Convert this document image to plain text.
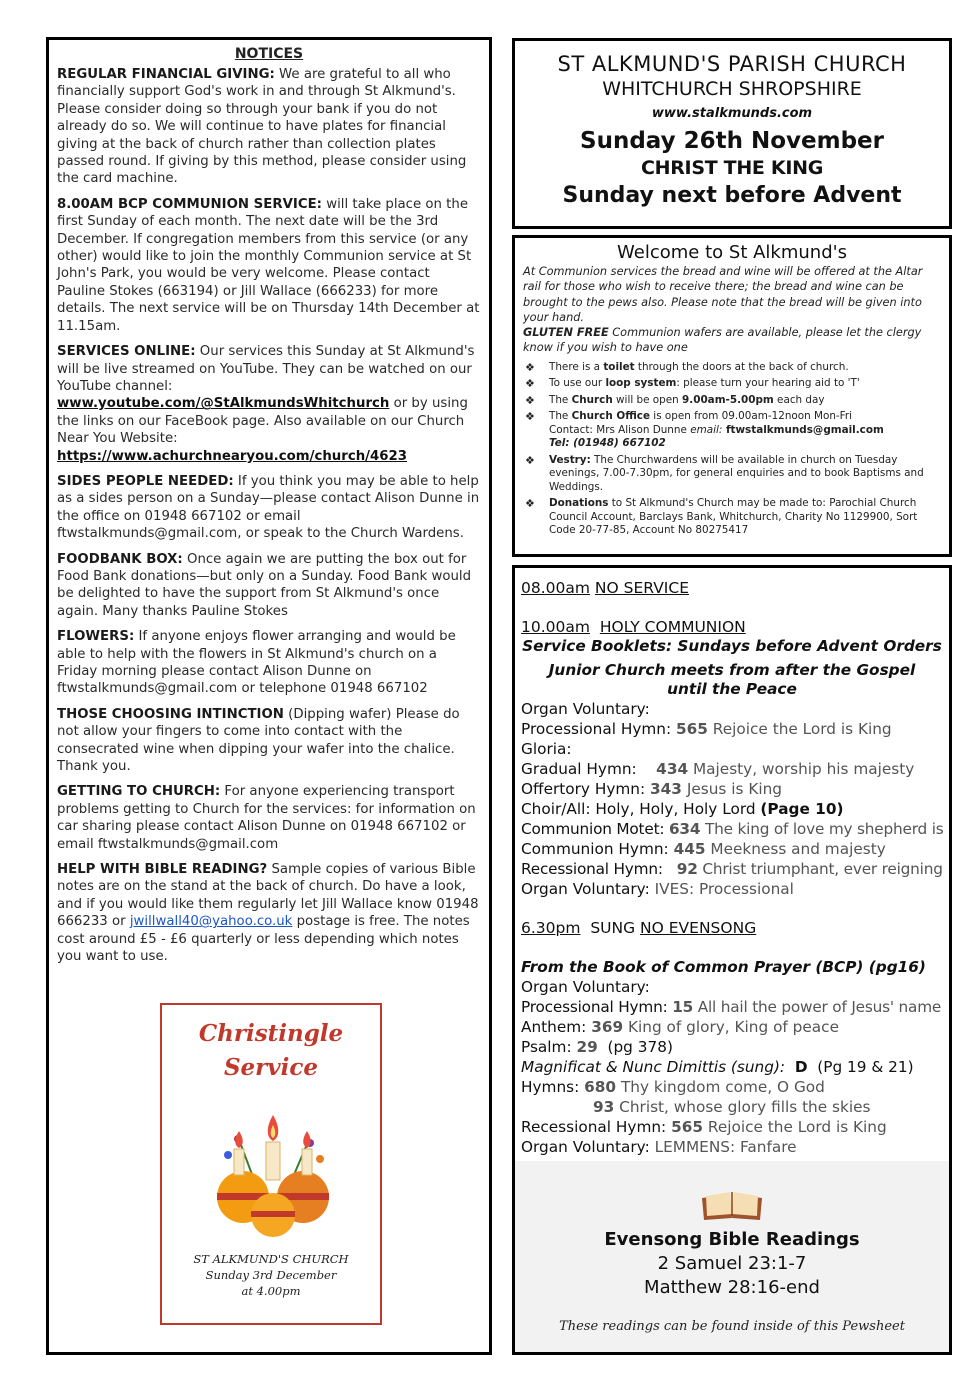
NOTICES
REGULAR FINANCIAL GIVING: We are grateful to all who financially support God's work in and through St Alkmund's. Please consider doing so through your bank if you do not already do so. We will continue to have plates for financial giving at the back of church rather than collection plates passed round. If giving by this method, please consider using the card machine.
8.00AM BCP COMMUNION SERVICE: will take place on the first Sunday of each month. The next date will be the 3rd December. If congregation members from this service (or any other) would like to join the monthly Communion service at St John's Park, you would be very welcome. Please contact Pauline Stokes (663194) or Jill Wallace (666233) for more details. The next service will be on Thursday 14th December at 11.15am.
SERVICES ONLINE: Our services this Sunday at St Alkmund's will be live streamed on YouTube. They can be watched on our YouTube channel: www.youtube.com/@StAlkmundsWhitchurch or by using the links on our FaceBook page. Also available on our Church Near You Website: https://www.achurchnearyou.com/church/4623
SIDES PEOPLE NEEDED: If you think you may be able to help as a sides person on a Sunday—please contact Alison Dunne in the office on 01948 667102 or email ftwstalkmunds@gmail.com, or speak to the Church Wardens.
FOODBANK BOX: Once again we are putting the box out for Food Bank donations—but only on a Sunday. Food Bank would be delighted to have the support from St Alkmund's once again. Many thanks Pauline Stokes
FLOWERS: If anyone enjoys flower arranging and would be able to help with the flowers in St Alkmund's church on a Friday morning please contact Alison Dunne on ftwstalkmunds@gmail.com or telephone 01948 667102
THOSE CHOOSING INTINCTION (Dipping wafer) Please do not allow your fingers to come into contact with the consecrated wine when dipping your wafer into the chalice. Thank you.
GETTING TO CHURCH: For anyone experiencing transport problems getting to Church for the services: for information on car sharing please contact Alison Dunne on 01948 667102 or email ftwstalkmunds@gmail.com
HELP WITH BIBLE READING? Sample copies of various Bible notes are on the stand at the back of church. Do have a look, and if you would like them regularly let Jill Wallace know 01948 666233 or jwillwall40@yahoo.co.uk postage is free. The notes cost around £5 - £6 quarterly or less depending which notes you want to use.
Christingle
Service
ST ALKMUND'S CHURCH
Sunday 3rd December
at 4.00pm
ST ALKMUND'S PARISH CHURCH
WHITCHURCH SHROPSHIRE
www.stalkmunds.com
Sunday 26th November
CHRIST THE KING
Sunday next before Advent
Welcome to St Alkmund's
At Communion services the bread and wine will be offered at the Altar rail for those who wish to receive there; the bread and wine can be brought to the pews also. Please note that the bread will be given into your hand.
GLUTEN FREE Communion wafers are available, please let the clergy know if you wish to have one
❖ There is a toilet through the doors at the back of church.
❖ To use our loop system: please turn your hearing aid to 'T'
❖ The Church will be open 9.00am-5.00pm each day
❖ The Church Office is open from 09.00am-12noon Mon-Fri
Contact: Mrs Alison Dunne email: ftwstalkmunds@gmail.com
Tel: (01948) 667102
❖ Vestry: The Churchwardens will be available in church on Tuesday evenings, 7.00-7.30pm, for general enquiries and to book Baptisms and Weddings.
❖ Donations to St Alkmund's Church may be made to: Parochial Church Council Account, Barclays Bank, Whitchurch, Charity No 1129900, Sort Code 20-77-85, Account No 80275417
08.00am NO SERVICE
10.00am HOLY COMMUNION
Service Booklets: Sundays before Advent Orders
Junior Church meets from after the Gospel
until the Peace
Organ Voluntary:
Processional Hymn: 565 Rejoice the Lord is King
Gloria:
Gradual Hymn:    434 Majesty, worship his majesty
Offertory Hymn: 343 Jesus is King
Choir/All: Holy, Holy, Holy Lord (Page 10)
Communion Motet: 634 The king of love my shepherd is
Communion Hymn: 445 Meekness and majesty
Recessional Hymn:   92 Christ triumphant, ever reigning
Organ Voluntary: IVES: Processional
6.30pm SUNG NO EVENSONG
From the Book of Common Prayer (BCP) (pg16)
Organ Voluntary:
Processional Hymn: 15 All hail the power of Jesus' name
Anthem: 369 King of glory, King of peace
Psalm: 29  (pg 378)
Magnificat & Nunc Dimittis (sung): D (Pg 19 & 21)
Hymns: 680 Thy kingdom come, O God
93 Christ, whose glory fills the skies
Recessional Hymn: 565 Rejoice the Lord is King
Organ Voluntary: LEMMENS: Fanfare
Evensong Bible Readings
2 Samuel 23:1-7
Matthew 28:16-end
These readings can be found inside of this Pewsheet
